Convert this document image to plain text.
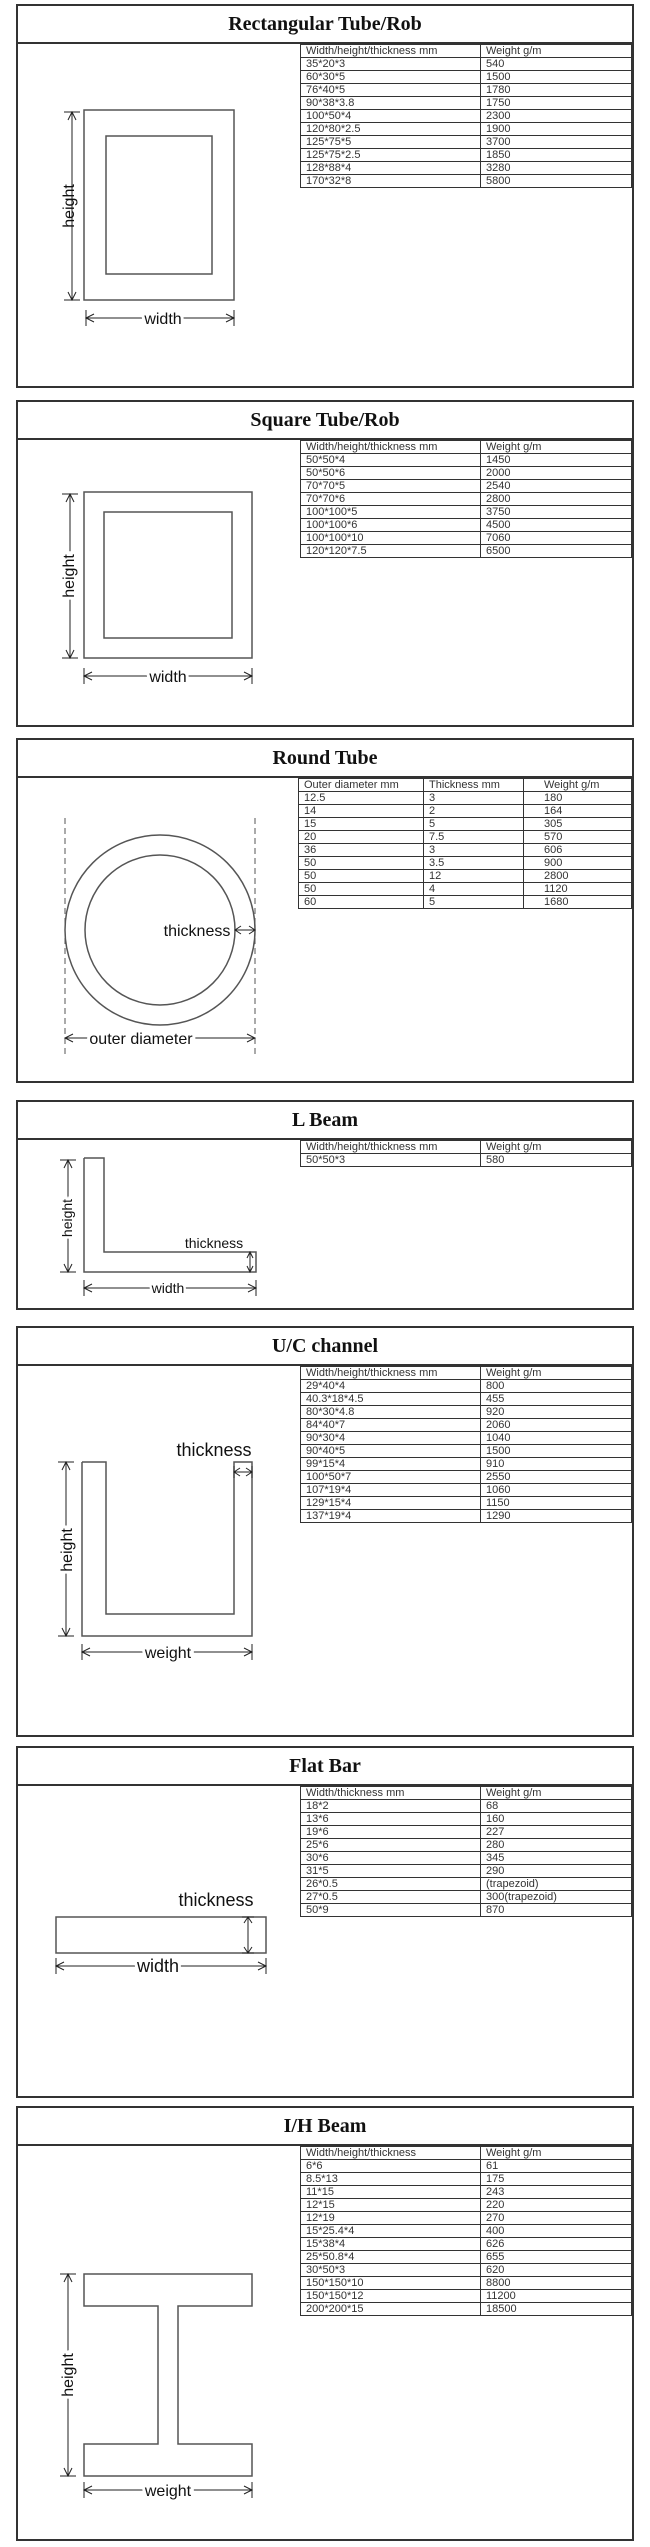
Rectangular Tube/Rob
height
width
Width/height/thickness mm	Weight g/m
35*20*3	540
60*30*5	1500
76*40*5	1780
90*38*3.8	1750
100*50*4	2300
120*80*2.5	1900
125*75*5	3700
125*75*2.5	1850
128*88*4	3280
170*32*8	5800
Square Tube/Rob
height
width
Width/height/thickness mm	Weight g/m
50*50*4	1450
50*50*6	2000
70*70*5	2540
70*70*6	2800
100*100*5	3750
100*100*6	4500
100*100*10	7060
120*120*7.5	6500
Round Tube
thickness
outer diameter
Outer diameter mm	Thickness mm	Weight g/m
12.5	3	180
14	2	164
15	5	305
20	7.5	570
36	3	606
50	3.5	900
50	12	2800
50	4	1120
60	5	1680
L Beam
height
thickness
width
Width/height/thickness mm	Weight g/m
50*50*3	580
U/C channel
thickness
height
weight
Width/height/thickness mm	Weight g/m
29*40*4	800
40.3*18*4.5	455
80*30*4.8	920
84*40*7	2060
90*30*4	1040
90*40*5	1500
99*15*4	910
100*50*7	2550
107*19*4	1060
129*15*4	1150
137*19*4	1290
Flat Bar
thickness
width
Width/thickness mm	Weight g/m
18*2	68
13*6	160
19*6	227
25*6	280
30*6	345
31*5	290
26*0.5	(trapezoid)
27*0.5	300(trapezoid)
50*9	870
I/H Beam
height
weight
Width/height/thickness	Weight g/m
6*6	61
8.5*13	175
11*15	243
12*15	220
12*19	270
15*25.4*4	400
15*38*4	626
25*50.8*4	655
30*50*3	620
150*150*10	8800
150*150*12	11200
200*200*15	18500
